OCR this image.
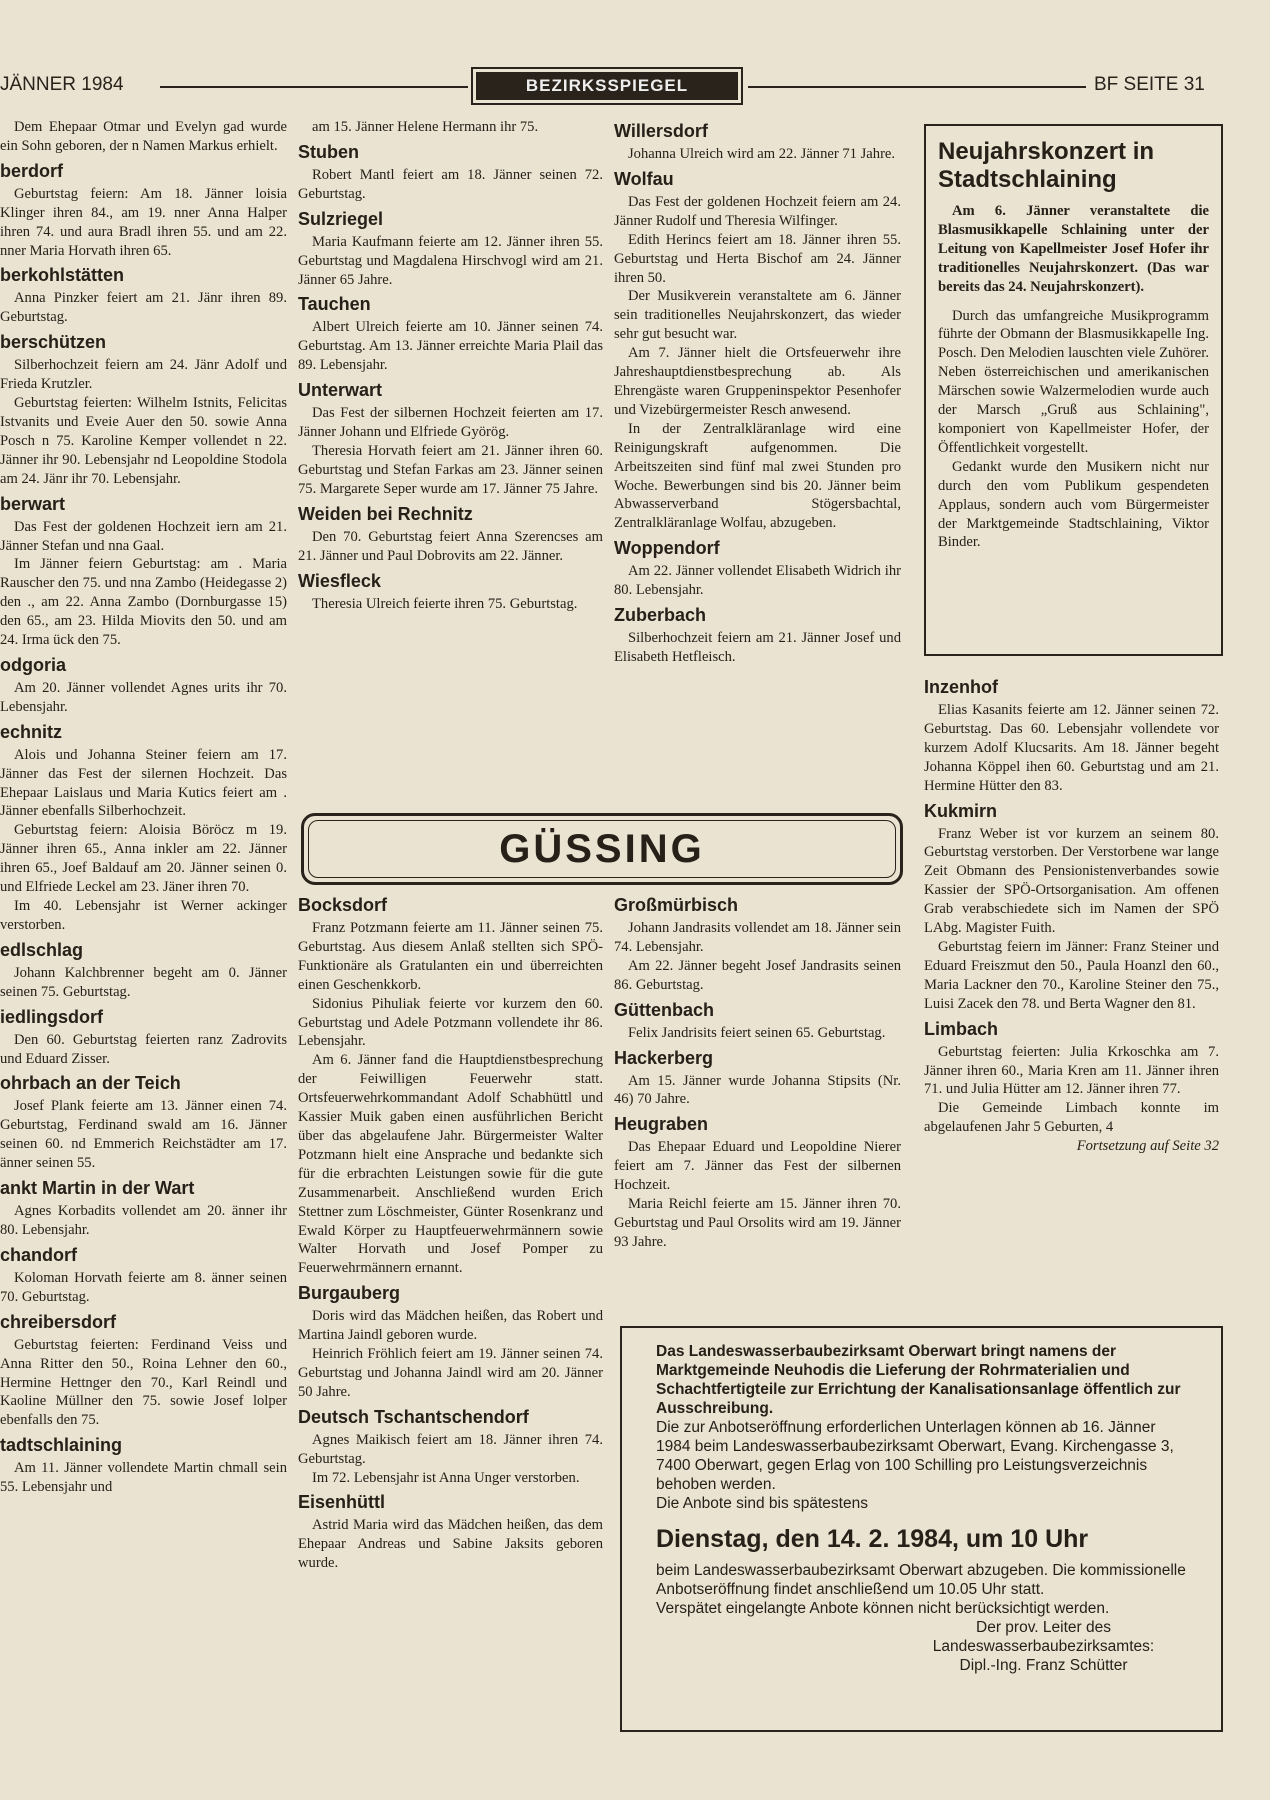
JÄNNER 1984	BEZIRKSSPIEGEL	BF SEITE 31

Dem Ehepaar Otmar und Evelyn gad wurde ein Sohn geboren, der n Namen Markus erhielt.

berdorf

Geburtstag feiern: Am 18. Jänner loisia Klinger ihren 84., am 19. nner Anna Halper ihren 74. und aura Bradl ihren 55. und am 22. nner Maria Horvath ihren 65.

berkohlstätten

Anna Pinzker feiert am 21. Jänr ihren 89. Geburtstag.

berschützen

Silberhochzeit feiern am 24. Jänr Adolf und Frieda Krutzler.

Geburtstag feierten: Wilhelm Istnits, Felicitas Istvanits und Eveie Auer den 50. sowie Anna Posch n 75. Karoline Kemper vollendet n 22. Jänner ihr 90. Lebensjahr nd Leopoldine Stodola am 24. Jänr ihr 70. Lebensjahr.

berwart

Das Fest der goldenen Hochzeit iern am 21. Jänner Stefan und nna Gaal.

Im Jänner feiern Geburtstag: am . Maria Rauscher den 75. und nna Zambo (Heidegasse 2) den ., am 22. Anna Zambo (Dornburgasse 15) den 65., am 23. Hilda Miovits den 50. und am 24. Irma ück den 75.

odgoria

Am 20. Jänner vollendet Agnes urits ihr 70. Lebensjahr.

echnitz

Alois und Johanna Steiner feiern am 17. Jänner das Fest der silernen Hochzeit. Das Ehepaar Laislaus und Maria Kutics feiert am . Jänner ebenfalls Silberhochzeit.

Geburtstag feiern: Aloisia Böröcz m 19. Jänner ihren 65., Anna inkler am 22. Jänner ihren 65., Joef Baldauf am 20. Jänner seinen 0. und Elfriede Leckel am 23. Jäner ihren 70.

Im 40. Lebensjahr ist Werner ackinger verstorben.

edlschlag

Johann Kalchbrenner begeht am 0. Jänner seinen 75. Geburtstag.

iedlingsdorf

Den 60. Geburtstag feierten ranz Zadrovits und Eduard Zisser.

ohrbach an der Teich

Josef Plank feierte am 13. Jänner einen 74. Geburtstag, Ferdinand swald am 16. Jänner seinen 60. nd Emmerich Reichstädter am 17. änner seinen 55.

ankt Martin in der Wart

Agnes Korbadits vollendet am 20. änner ihr 80. Lebensjahr.

chandorf

Koloman Horvath feierte am 8. änner seinen 70. Geburtstag.

chreibersdorf

Geburtstag feierten: Ferdinand Veiss und Anna Ritter den 50., Roina Lehner den 60., Hermine Hettnger den 70., Karl Reindl und Kaoline Müllner den 75. sowie Josef lolper ebenfalls den 75.

tadtschlaining

Am 11. Jänner vollendete Martin chmall sein 55. Lebensjahr und

am 15. Jänner Helene Hermann ihr 75.

Stuben

Robert Mantl feiert am 18. Jänner seinen 72. Geburtstag.

Sulzriegel

Maria Kaufmann feierte am 12. Jänner ihren 55. Geburtstag und Magdalena Hirschvogl wird am 21. Jänner 65 Jahre.

Tauchen

Albert Ulreich feierte am 10. Jänner seinen 74. Geburtstag. Am 13. Jänner erreichte Maria Plail das 89. Lebensjahr.

Unterwart

Das Fest der silbernen Hochzeit feierten am 17. Jänner Johann und Elfriede Györög.

Theresia Horvath feiert am 21. Jänner ihren 60. Geburtstag und Stefan Farkas am 23. Jänner seinen 75. Margarete Seper wurde am 17. Jänner 75 Jahre.

Weiden bei Rechnitz

Den 70. Geburtstag feiert Anna Szerencses am 21. Jänner und Paul Dobrovits am 22. Jänner.

Wiesfleck

Theresia Ulreich feierte ihren 75. Geburtstag.

Willersdorf

Johanna Ulreich wird am 22. Jänner 71 Jahre.

Wolfau

Das Fest der goldenen Hochzeit feiern am 24. Jänner Rudolf und Theresia Wilfinger.

Edith Herincs feiert am 18. Jänner ihren 55. Geburtstag und Herta Bischof am 24. Jänner ihren 50.

Der Musikverein veranstaltete am 6. Jänner sein traditionelles Neujahrskonzert, das wieder sehr gut besucht war.

Am 7. Jänner hielt die Ortsfeuerwehr ihre Jahreshauptdienstbesprechung ab. Als Ehrengäste waren Gruppeninspektor Pesenhofer und Vizebürgermeister Resch anwesend.

In der Zentralkläranlage wird eine Reinigungskraft aufgenommen. Die Arbeitszeiten sind fünf mal zwei Stunden pro Woche. Bewerbungen sind bis 20. Jänner beim Abwasserverband Stögersbachtal, Zentralkläranlage Wolfau, abzugeben.

Woppendorf

Am 22. Jänner vollendet Elisabeth Widrich ihr 80. Lebensjahr.

Zuberbach

Silberhochzeit feiern am 21. Jänner Josef und Elisabeth Hetfleisch.

Neujahrskonzert in Stadtschlaining

Am 6. Jänner veranstaltete die Blasmusikkapelle Schlaining unter der Leitung von Kapellmeister Josef Hofer ihr traditionelles Neujahrskonzert. (Das war bereits das 24. Neujahrskonzert).

Durch das umfangreiche Musikprogramm führte der Obmann der Blasmusikkapelle Ing. Posch. Den Melodien lauschten viele Zuhörer. Neben österreichischen und amerikanischen Märschen sowie Walzermelodien wurde auch der Marsch „Gruß aus Schlaining", komponiert von Kapellmeister Hofer, der Öffentlichkeit vorgestellt.

Gedankt wurde den Musikern nicht nur durch den vom Publikum gespendeten Applaus, sondern auch vom Bürgermeister der Marktgemeinde Stadtschlaining, Viktor Binder.

Inzenhof

Elias Kasanits feierte am 12. Jänner seinen 72. Geburtstag. Das 60. Lebensjahr vollendete vor kurzem Adolf Klucsarits. Am 18. Jänner begeht Johanna Köppel ihen 60. Geburtstag und am 21. Hermine Hütter den 83.

Kukmirn

Franz Weber ist vor kurzem an seinem 80. Geburtstag verstorben. Der Verstorbene war lange Zeit Obmann des Pensionistenverbandes sowie Kassier der SPÖ-Ortsorganisation. Am offenen Grab verabschiedete sich im Namen der SPÖ LAbg. Magister Fuith.

Geburtstag feiern im Jänner: Franz Steiner und Eduard Freiszmut den 50., Paula Hoanzl den 60., Maria Lackner den 70., Karoline Steiner den 75., Luisi Zacek den 78. und Berta Wagner den 81.

Limbach

Geburtstag feierten: Julia Krkoschka am 7. Jänner ihren 60., Maria Kren am 11. Jänner ihren 71. und Julia Hütter am 12. Jänner ihren 77.

Die Gemeinde Limbach konnte im abgelaufenen Jahr 5 Geburten, 4

Fortsetzung auf Seite 32

GÜSSING
Bocksdorf

Franz Potzmann feierte am 11. Jänner seinen 75. Geburtstag. Aus diesem Anlaß stellten sich SPÖ-Funktionäre als Gratulanten ein und überreichten einen Geschenkkorb.

Sidonius Pihuliak feierte vor kurzem den 60. Geburtstag und Adele Potzmann vollendete ihr 86. Lebensjahr.

Am 6. Jänner fand die Hauptdienstbesprechung der Feiwilligen Feuerwehr statt. Ortsfeuerwehrkommandant Adolf Schabhüttl und Kassier Muik gaben einen ausführlichen Bericht über das abgelaufene Jahr. Bürgermeister Walter Potzmann hielt eine Ansprache und bedankte sich für die erbrachten Leistungen sowie für die gute Zusammenarbeit. Anschließend wurden Erich Stettner zum Löschmeister, Günter Rosenkranz und Ewald Körper zu Hauptfeuerwehrmännern sowie Walter Horvath und Josef Pomper zu Feuerwehrmännern ernannt.

Burgauberg

Doris wird das Mädchen heißen, das Robert und Martina Jaindl geboren wurde.

Heinrich Fröhlich feiert am 19. Jänner seinen 74. Geburtstag und Johanna Jaindl wird am 20. Jänner 50 Jahre.

Deutsch Tschantschendorf

Agnes Maikisch feiert am 18. Jänner ihren 74. Geburtstag.

Im 72. Lebensjahr ist Anna Unger verstorben.

Eisenhüttl

Astrid Maria wird das Mädchen heißen, das dem Ehepaar Andreas und Sabine Jaksits geboren wurde.

Großmürbisch

Johann Jandrasits vollendet am 18. Jänner sein 74. Lebensjahr.

Am 22. Jänner begeht Josef Jandrasits seinen 86. Geburtstag.

Güttenbach

Felix Jandrisits feiert seinen 65. Geburtstag.

Hackerberg

Am 15. Jänner wurde Johanna Stipsits (Nr. 46) 70 Jahre.

Heugraben

Das Ehepaar Eduard und Leopoldine Nierer feiert am 7. Jänner das Fest der silbernen Hochzeit.

Maria Reichl feierte am 15. Jänner ihren 70. Geburtstag und Paul Orsolits wird am 19. Jänner 93 Jahre.

Das Landeswasserbaubezirksamt Oberwart bringt namens der Marktgemeinde Neuhodis die Lieferung der Rohrmaterialien und Schachtfertigteile zur Errichtung der Kanalisationsanlage öffentlich zur Ausschreibung.

Die zur Anbotseröffnung erforderlichen Unterlagen können ab 16. Jänner 1984 beim Landeswasserbaubezirksamt Oberwart, Evang. Kirchengasse 3, 7400 Oberwart, gegen Erlag von 100 Schilling pro Leistungsverzeichnis behoben werden.

Die Anbote sind bis spätestens

Dienstag, den 14. 2. 1984, um 10 Uhr

beim Landeswasserbaubezirksamt Oberwart abzugeben. Die kommissionelle Anbotseröffnung findet anschließend um 10.05 Uhr statt.

Verspätet eingelangte Anbote können nicht berücksichtigt werden.

Der prov. Leiter des

Landeswasserbaubezirksamtes:

Dipl.-Ing. Franz Schütter
